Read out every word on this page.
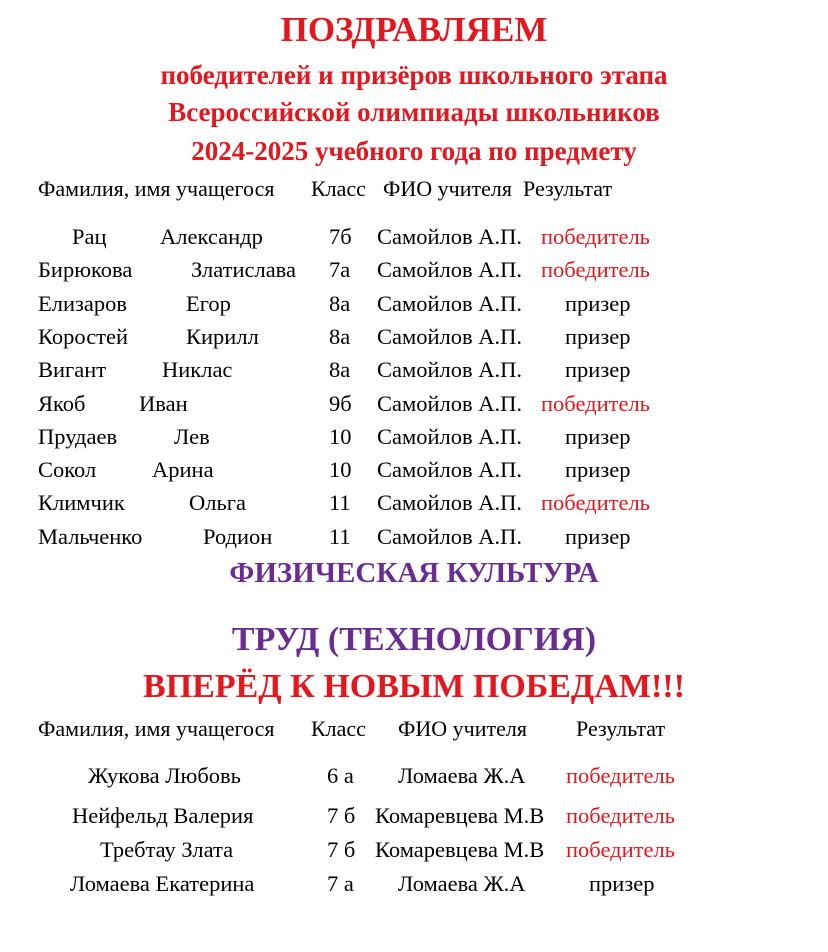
ПОЗДРАВЛЯЕМ
победителей и призёров школьного этапа
Всероссийской олимпиады школьников
2024-2025 учебного года по предмету
Фамилия, имя учащегося Класс ФИО учителя Результат
Рац Александр	7б Самойлов А.П. победитель
Бирюкова	Златислава 7а Самойлов А.П. победитель
Елизаров	Егор	8а Самойлов А.П. призер
Коростей	Кирилл	8а Самойлов А.П. призер
Вигант Никлас	8а Самойлов А.П. призер
Якоб Иван	9б Самойлов А.П. победитель
Прудаев	Лев	10 Самойлов А.П. призер
Сокол Арина	10 Самойлов А.П. призер
Климчик	Ольга	11 Самойлов А.П. победитель
Мальченко	Родион	11 Самойлов А.П. призер
ФИЗИЧЕСКАЯ КУЛЬТУРА
ТРУД (ТЕХНОЛОГИЯ)
ВПЕРЁД К НОВЫМ ПОБЕДАМ!!!
Фамилия, имя учащегося Класс ФИО учителя Результат
Жукова Любовь	6 а Ломаева Ж.А победитель
Нейфельд Валерия	7 б Комаревцева М.В победитель
Требтау Злата	7 б Комаревцева М.В победитель
Ломаева Екатерина	7 а Ломаева Ж.А	призер
